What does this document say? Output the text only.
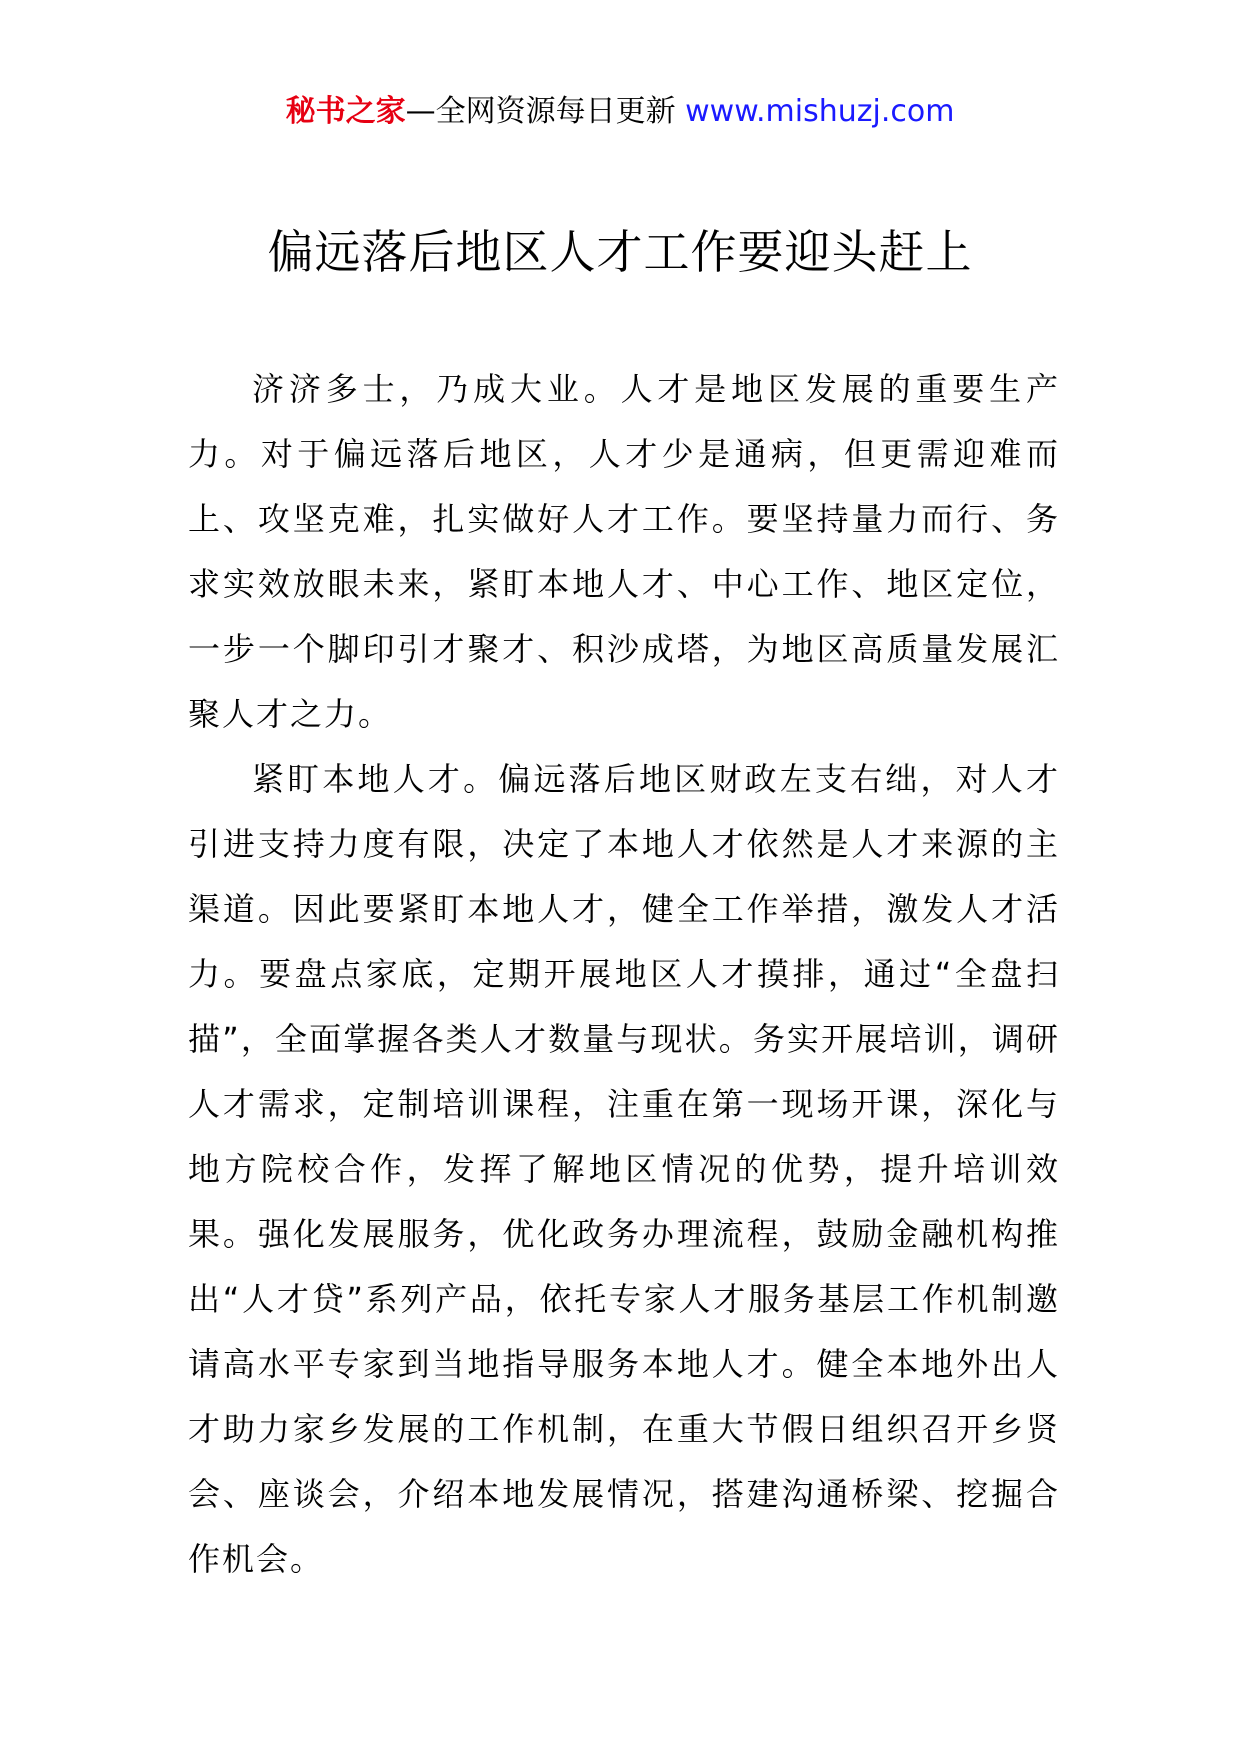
秘书之家—全网资源每日更新 www.mishuzj.com
偏远落后地区人才工作要迎头赶上

济济多士，乃成大业。人才是地区发展的重要生产力。对于偏远落后地区，人才少是通病，但更需迎难而上、攻坚克难，扎实做好人才工作。要坚持量力而行、务求实效放眼未来，紧盯本地人才、中心工作、地区定位，一步一个脚印引才聚才、积沙成塔，为地区高质量发展汇聚人才之力。

紧盯本地人才。偏远落后地区财政左支右绌，对人才引进支持力度有限，决定了本地人才依然是人才来源的主渠道。因此要紧盯本地人才，健全工作举措，激发人才活力。要盘点家底，定期开展地区人才摸排，通过“全盘扫描”，全面掌握各类人才数量与现状。务实开展培训，调研人才需求，定制培训课程，注重在第一现场开课，深化与地方院校合作，发挥了解地区情况的优势，提升培训效果。强化发展服务，优化政务办理流程，鼓励金融机构推出“人才贷”系列产品，依托专家人才服务基层工作机制邀请高水平专家到当地指导服务本地人才。健全本地外出人才助力家乡发展的工作机制，在重大节假日组织召开乡贤会、座谈会，介绍本地发展情况，搭建沟通桥梁、挖掘合作机会。
